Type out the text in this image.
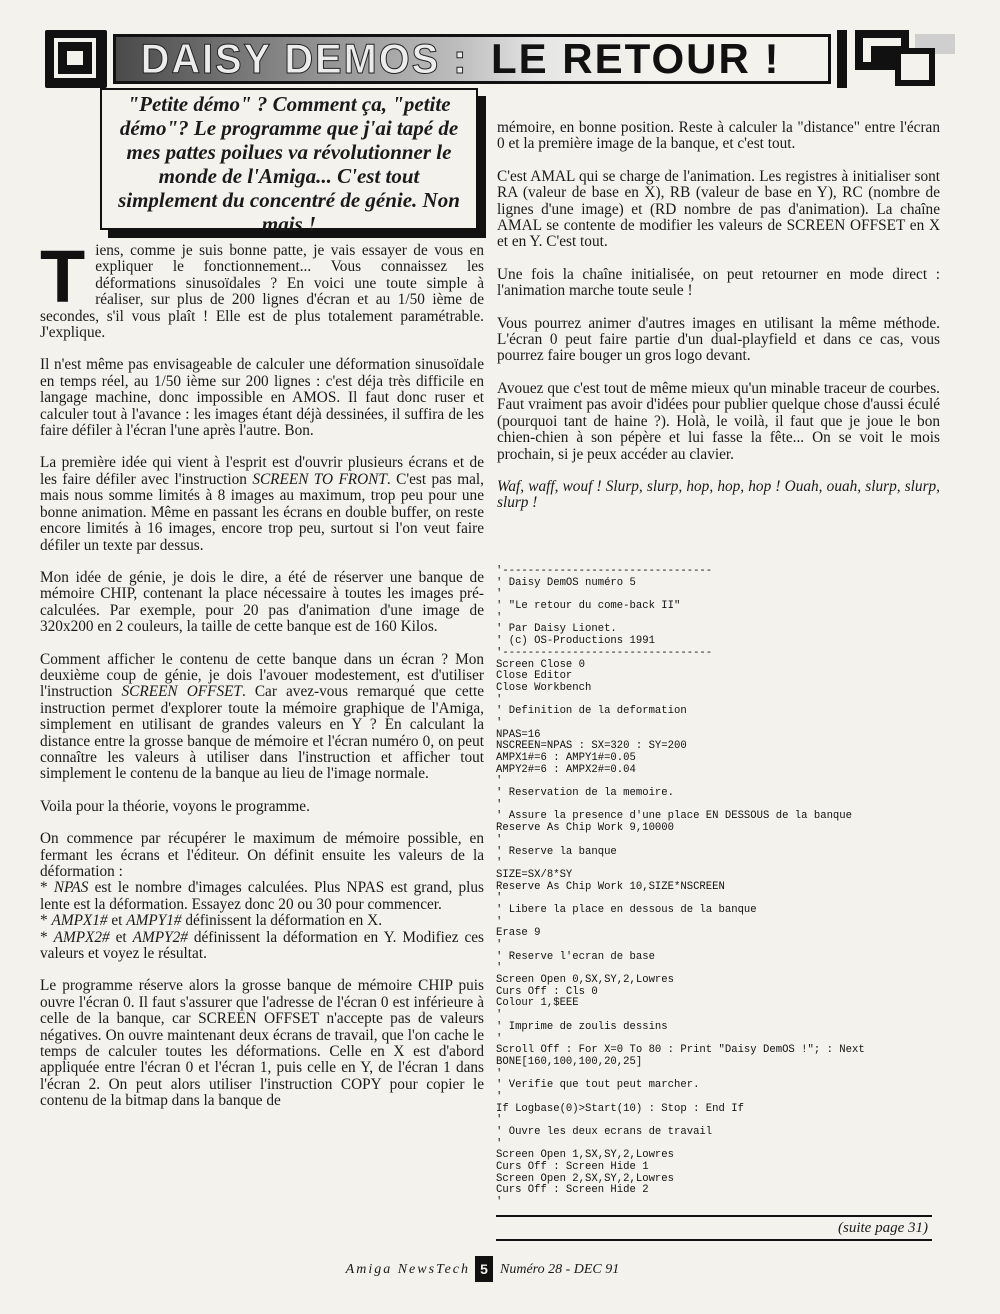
DAISY DEMOS : LE RETOUR !

"Petite démo" ? Comment ça, "petite démo"? Le programme que j'ai tapé de mes pattes poilues va révolutionner le monde de l'Amiga... C'est tout simplement du concentré de génie. Non mais !

Tiens, comme je suis bonne patte, je vais essayer de vous en expliquer le fonctionnement... Vous connaissez les déformations sinusoïdales ? En voici une toute simple à réaliser, sur plus de 200 lignes d'écran et au 1/50 ième de secondes, s'il vous plaît ! Elle est de plus totalement paramétrable. J'explique.

Il n'est même pas envisageable de calculer une déformation sinusoïdale en temps réel, au 1/50 ième sur 200 lignes : c'est déja très difficile en langage machine, donc impossible en AMOS. Il faut donc ruser et calculer tout à l'avance : les images étant déjà dessinées, il suffira de les faire défiler à l'écran l'une après l'autre. Bon.

La première idée qui vient à l'esprit est d'ouvrir plusieurs écrans et de les faire défiler avec l'instruction SCREEN TO FRONT. C'est pas mal, mais nous somme limités à 8 images au maximum, trop peu pour une bonne animation. Même en passant les écrans en double buffer, on reste encore limités à 16 images, encore trop peu, surtout si l'on veut faire défiler un texte par dessus.

Mon idée de génie, je dois le dire, a été de réserver une banque de mémoire CHIP, contenant la place nécessaire à toutes les images pré-calculées. Par exemple, pour 20 pas d'animation d'une image de 320x200 en 2 couleurs, la taille de cette banque est de 160 Kilos.

Comment afficher le contenu de cette banque dans un écran ? Mon deuxième coup de génie, je dois l'avouer modestement, est d'utiliser l'instruction SCREEN OFFSET. Car avez-vous remarqué que cette instruction permet d'explorer toute la mémoire graphique de l'Amiga, simplement en utilisant de grandes valeurs en Y ? En calculant la distance entre la grosse banque de mémoire et l'écran numéro 0, on peut connaître les valeurs à utiliser dans l'instruction et afficher tout simplement le contenu de la banque au lieu de l'image normale.

Voila pour la théorie, voyons le programme.

On commence par récupérer le maximum de mémoire possible, en fermant les écrans et l'éditeur. On définit ensuite les valeurs de la déformation :
* NPAS est le nombre d'images calculées. Plus NPAS est grand, plus lente est la déformation. Essayez donc 20 ou 30 pour commencer.
* AMPX1# et AMPY1# définissent la déformation en X.
* AMPX2# et AMPY2# définissent la déformation en Y. Modifiez ces valeurs et voyez le résultat.

Le programme réserve alors la grosse banque de mémoire CHIP puis ouvre l'écran 0. Il faut s'assurer que l'adresse de l'écran 0 est inférieure à celle de la banque, car SCREEN OFFSET n'accepte pas de valeurs négatives. On ouvre maintenant deux écrans de travail, que l'on cache le temps de calculer toutes les déformations. Celle en X est d'abord appliquée entre l'écran 0 et l'écran 1, puis celle en Y, de l'écran 1 dans l'écran 2. On peut alors utiliser l'instruction COPY pour copier le contenu de la bitmap dans la banque de

mémoire, en bonne position. Reste à calculer la "distance" entre l'écran 0 et la première image de la banque, et c'est tout.

C'est AMAL qui se charge de l'animation. Les registres à initialiser sont RA (valeur de base en X), RB (valeur de base en Y), RC (nombre de lignes d'une image) et (RD nombre de pas d'animation). La chaîne AMAL se contente de modifier les valeurs de SCREEN OFFSET en X et en Y. C'est tout.

Une fois la chaîne initialisée, on peut retourner en mode direct : l'animation marche toute seule !

Vous pourrez animer d'autres images en utilisant la même méthode. L'écran 0 peut faire partie d'un dual-playfield et dans ce cas, vous pourrez faire bouger un gros logo devant.

Avouez que c'est tout de même mieux qu'un minable traceur de courbes. Faut vraiment pas avoir d'idées pour publier quelque chose d'aussi éculé (pourquoi tant de haine ?). Holà, le voilà, il faut que je joue le bon chien-chien à son pépère et lui fasse la fête... On se voit le mois prochain, si je peux accéder au clavier.

Waf, waff, wouf ! Slurp, slurp, hop, hop, hop ! Ouah, ouah, slurp, slurp, slurp !

'---------------------------------
' Daisy DemOS numéro 5
'
' "Le retour du come-back II"
'
' Par Daisy Lionet.
' (c) OS-Productions 1991
'---------------------------------
Screen Close 0
Close Editor
Close Workbench
'
' Definition de la deformation
'
NPAS=16
NSCREEN=NPAS : SX=320 : SY=200
AMPX1#=6 : AMPY1#=0.05
AMPY2#=6 : AMPX2#=0.04
'
' Reservation de la memoire.
'
' Assure la presence d'une place EN DESSOUS de la banque
Reserve As Chip Work 9,10000
'
' Reserve la banque
'
SIZE=SX/8*SY
Reserve As Chip Work 10,SIZE*NSCREEN
'
' Libere la place en dessous de la banque
'
Erase 9
'
' Reserve l'ecran de base
'
Screen Open 0,SX,SY,2,Lowres
Curs Off : Cls 0
Colour 1,$EEE
'
' Imprime de zoulis dessins
'
Scroll Off : For X=0 To 80 : Print "Daisy DemOS !"; : Next
BONE[160,100,100,20,25]
'
' Verifie que tout peut marcher.
'
If Logbase(0)>Start(10) : Stop : End If
'
' Ouvre les deux ecrans de travail
'
Screen Open 1,SX,SY,2,Lowres
Curs Off : Screen Hide 1
Screen Open 2,SX,SY,2,Lowres
Curs Off : Screen Hide 2
'
(suite page 31)
Amiga NewsTech 5 Numéro 28 - DEC 91
